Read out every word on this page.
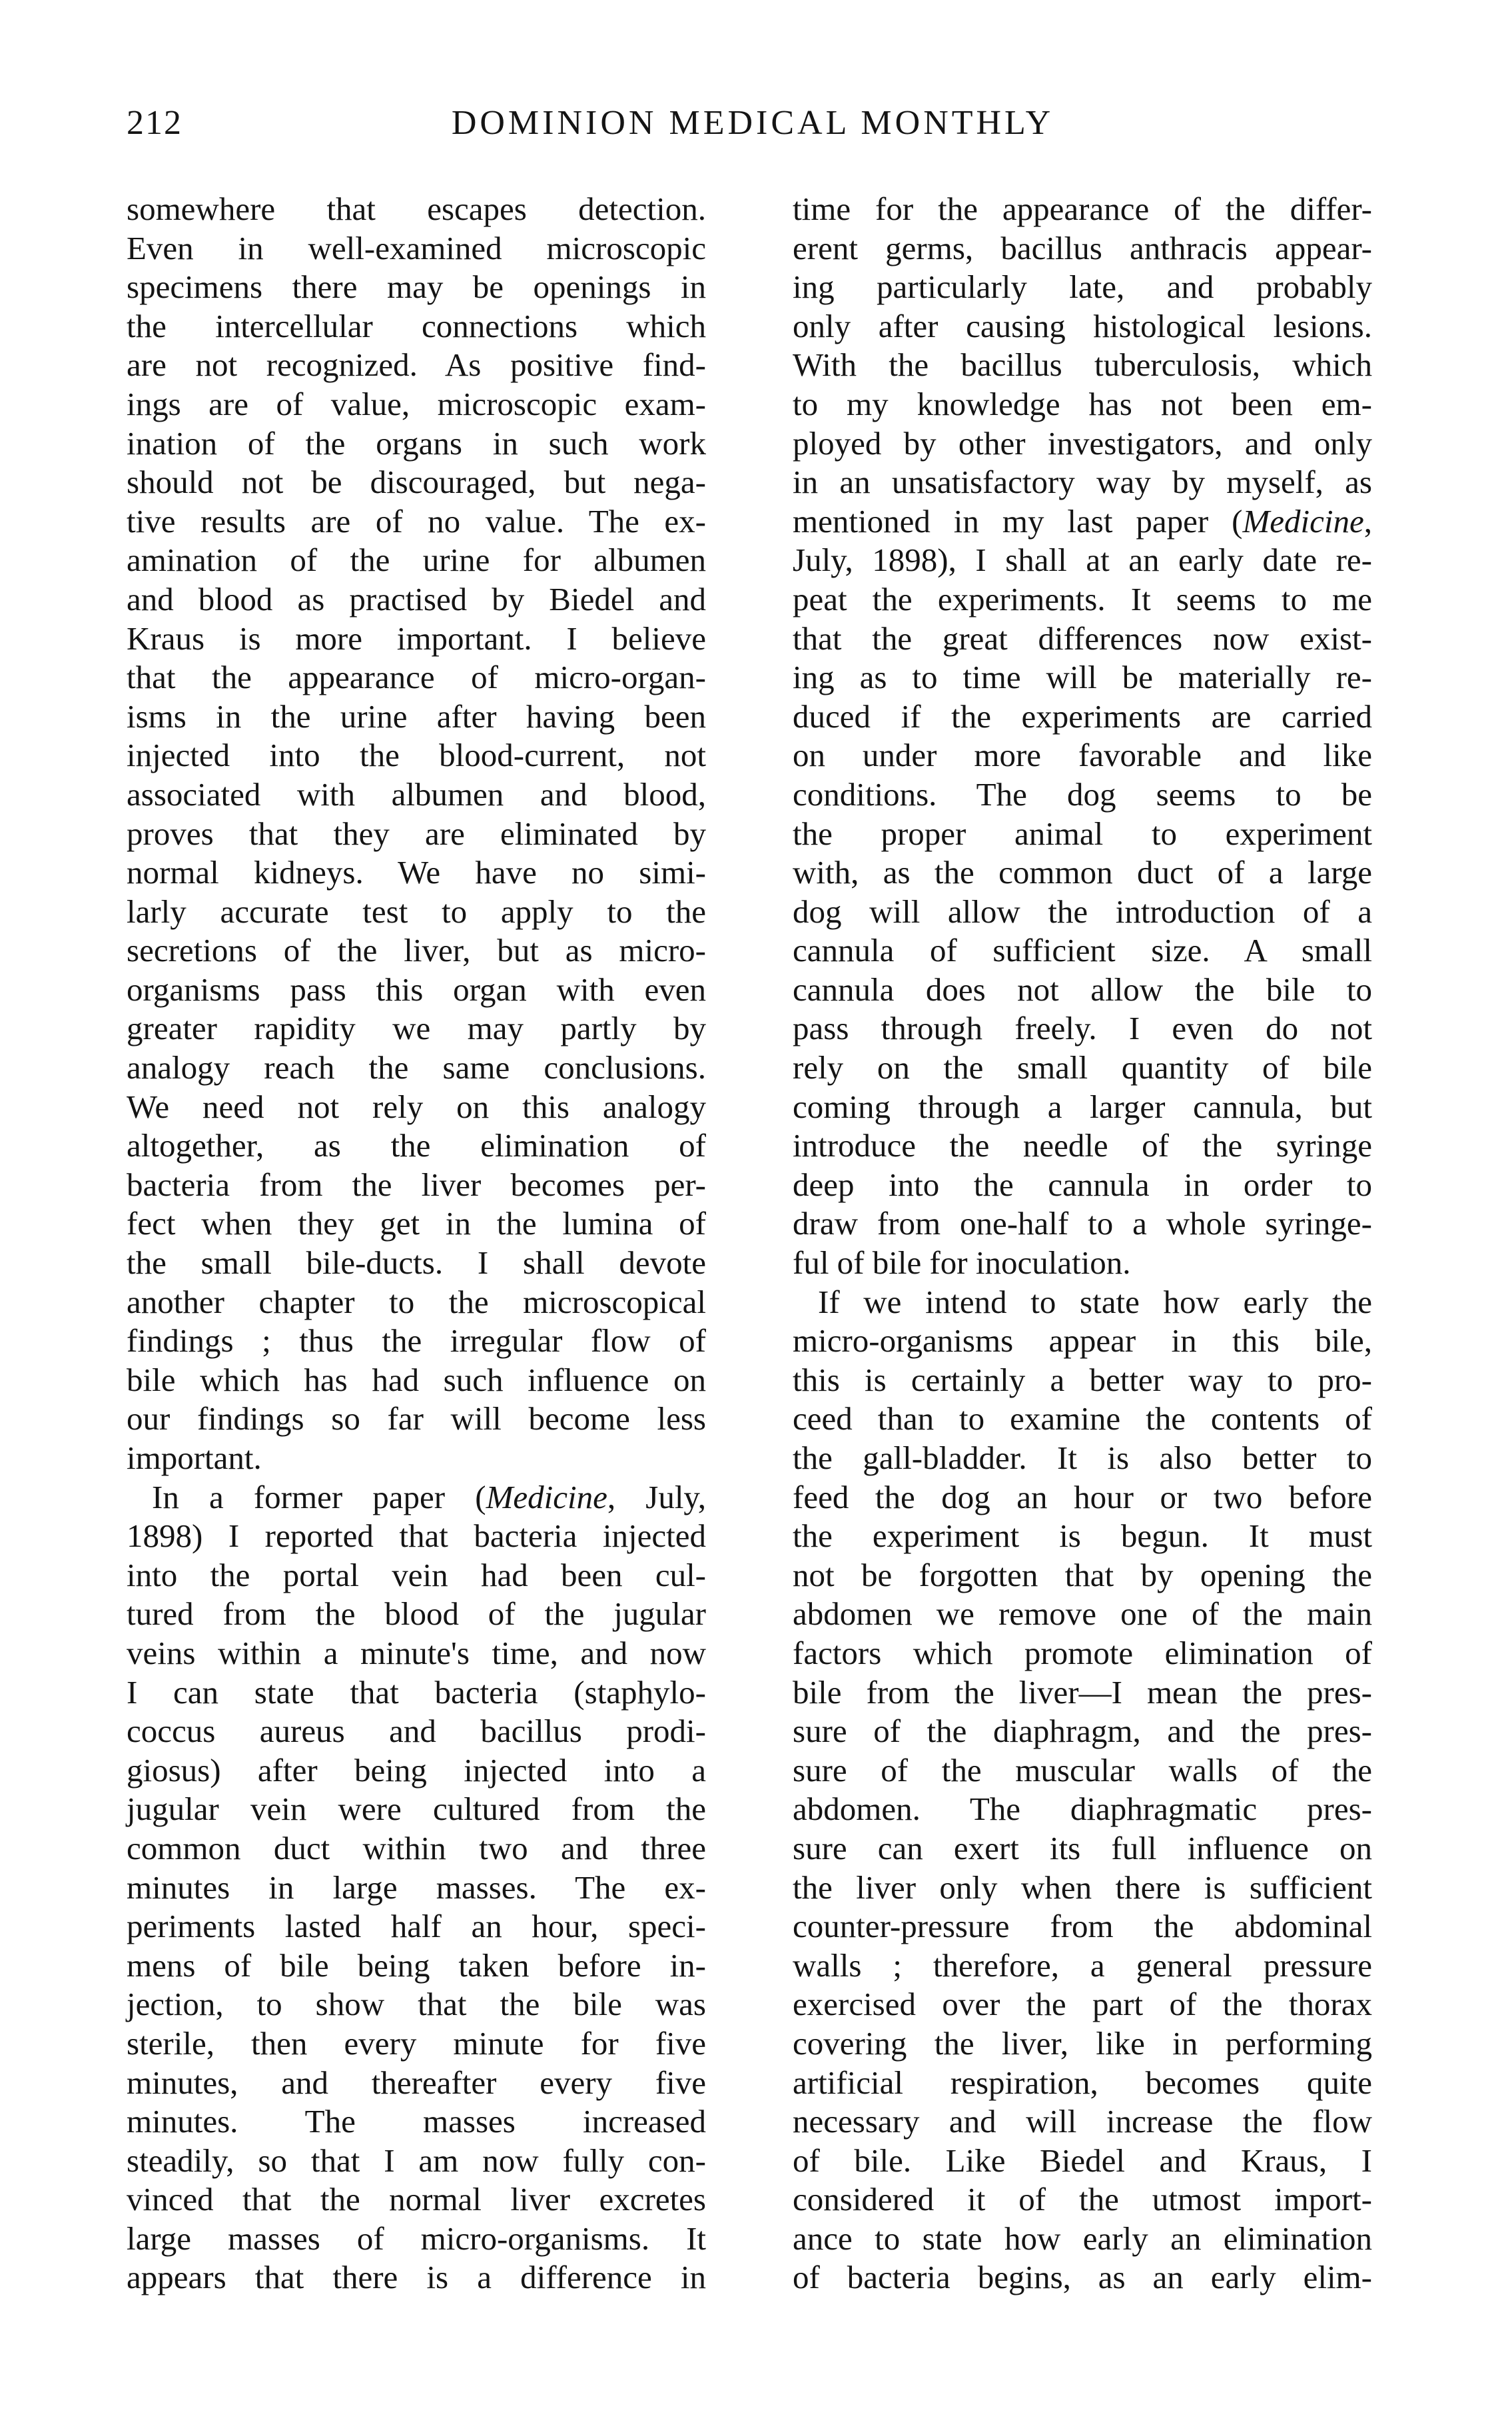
212	DOMINION MEDICAL MONTHLY
somewhere that escapes detection.
Even in well-examined microscopic
specimens there may be openings in
the intercellular connections which
are not recognized. As positive find-
ings are of value, microscopic exam-
ination of the organs in such work
should not be discouraged, but nega-
tive results are of no value. The ex-
amination of the urine for albumen
and blood as practised by Biedel and
Kraus is more important. I believe
that the appearance of micro-organ-
isms in the urine after having been
injected into the blood-current, not
associated with albumen and blood,
proves that they are eliminated by
normal kidneys. We have no simi-
larly accurate test to apply to the
secretions of the liver, but as micro-
organisms pass this organ with even
greater rapidity we may partly by
analogy reach the same conclusions.
We need not rely on this analogy
altogether, as the elimination of
bacteria from the liver becomes per-
fect when they get in the lumina of
the small bile-ducts. I shall devote
another chapter to the microscopical
findings ; thus the irregular flow of
bile which has had such influence on
our findings so far will become less
important.
In a former paper (Medicine, July,
1898) I reported that bacteria injected
into the portal vein had been cul-
tured from the blood of the jugular
veins within a minute's time, and now
I can state that bacteria (staphylo-
coccus aureus and bacillus prodi-
giosus) after being injected into a
jugular vein were cultured from the
common duct within two and three
minutes in large masses. The ex-
periments lasted half an hour, speci-
mens of bile being taken before in-
jection, to show that the bile was
sterile, then every minute for five
minutes, and thereafter every five
minutes. The masses increased
steadily, so that I am now fully con-
vinced that the normal liver excretes
large masses of micro-organisms. It
appears that there is a difference in
time for the appearance of the differ-
erent germs, bacillus anthracis appear-
ing particularly late, and probably
only after causing histological lesions.
With the bacillus tuberculosis, which
to my knowledge has not been em-
ployed by other investigators, and only
in an unsatisfactory way by myself, as
mentioned in my last paper (Medicine,
July, 1898), I shall at an early date re-
peat the experiments. It seems to me
that the great differences now exist-
ing as to time will be materially re-
duced if the experiments are carried
on under more favorable and like
conditions. The dog seems to be
the proper animal to experiment
with, as the common duct of a large
dog will allow the introduction of a
cannula of sufficient size. A small
cannula does not allow the bile to
pass through freely. I even do not
rely on the small quantity of bile
coming through a larger cannula, but
introduce the needle of the syringe
deep into the cannula in order to
draw from one-half to a whole syringe-
ful of bile for inoculation.
If we intend to state how early the
micro-organisms appear in this bile,
this is certainly a better way to pro-
ceed than to examine the contents of
the gall-bladder. It is also better to
feed the dog an hour or two before
the experiment is begun. It must
not be forgotten that by opening the
abdomen we remove one of the main
factors which promote elimination of
bile from the liver—I mean the pres-
sure of the diaphragm, and the pres-
sure of the muscular walls of the
abdomen. The diaphragmatic pres-
sure can exert its full influence on
the liver only when there is sufficient
counter-pressure from the abdominal
walls ; therefore, a general pressure
exercised over the part of the thorax
covering the liver, like in performing
artificial respiration, becomes quite
necessary and will increase the flow
of bile. Like Biedel and Kraus, I
considered it of the utmost import-
ance to state how early an elimination
of bacteria begins, as an early elim-
